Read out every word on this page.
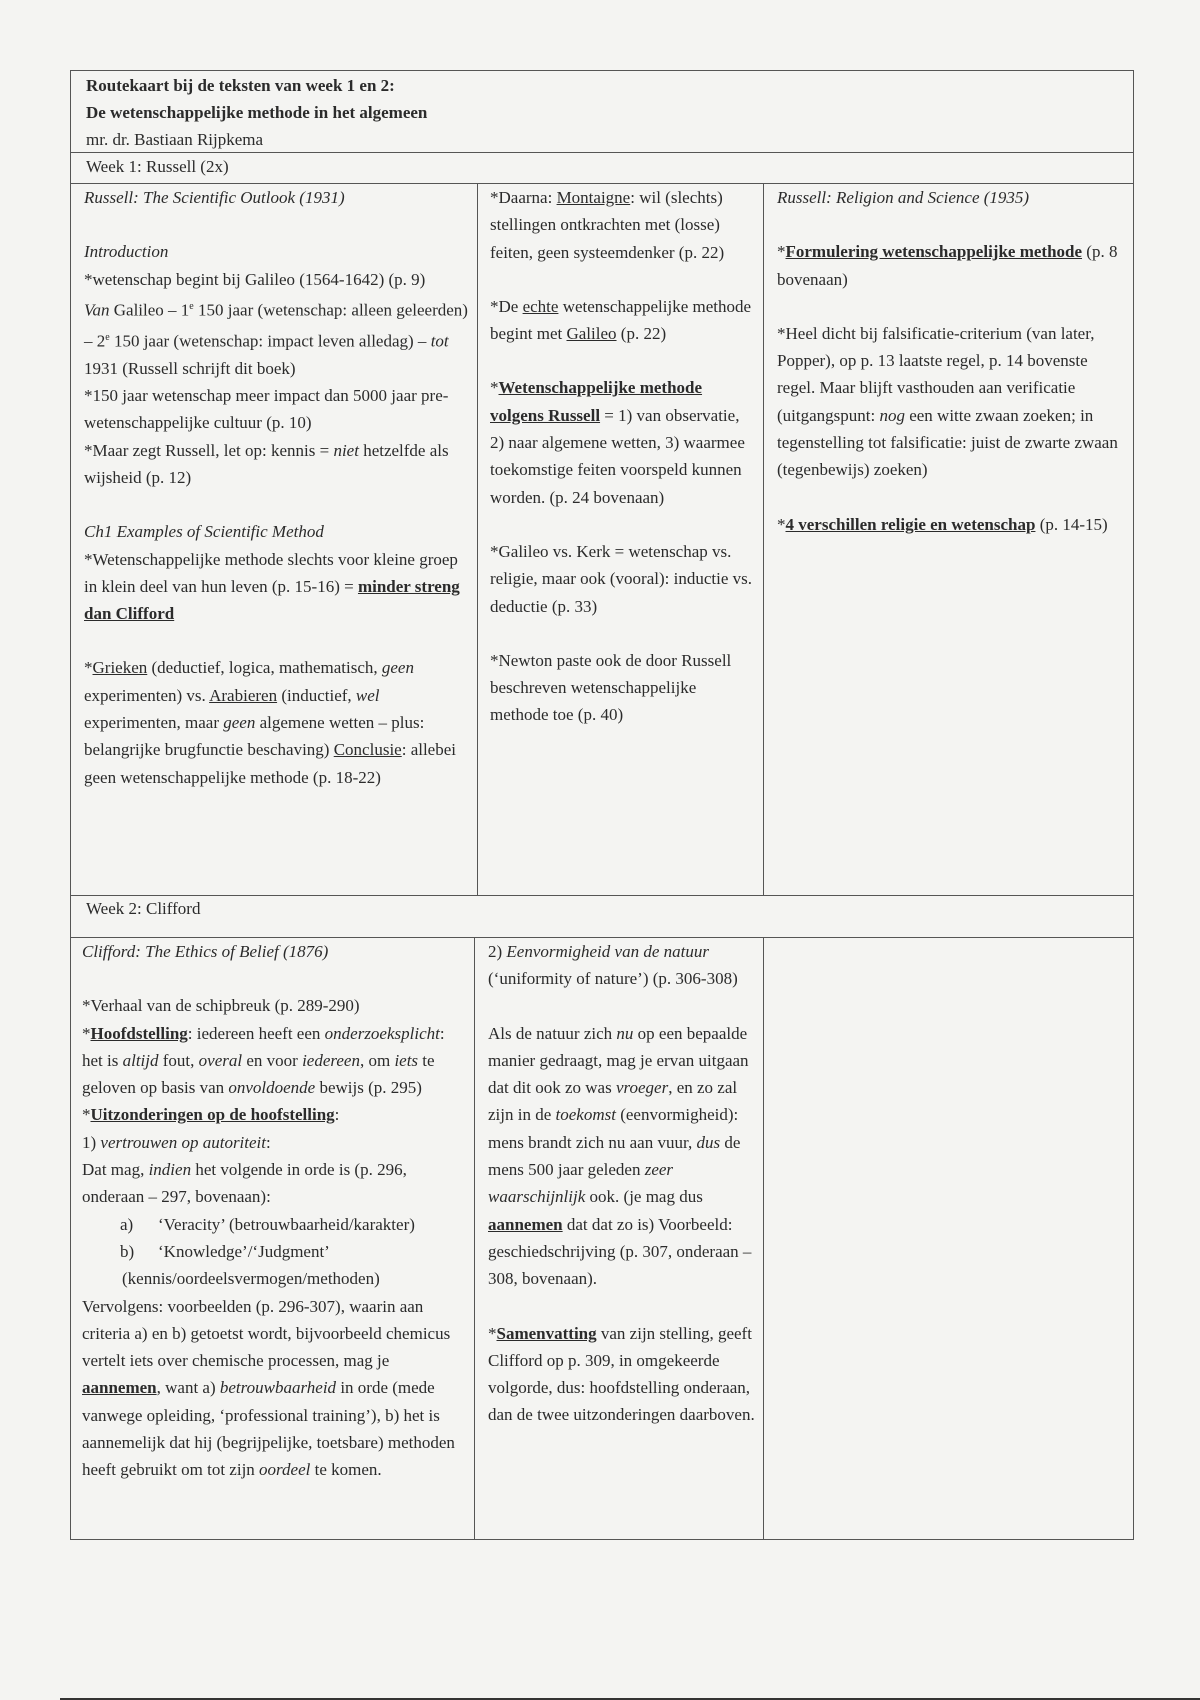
Routekaart bij de teksten van week 1 en 2:
De wetenschappelijke methode in het algemeen
mr. dr. Bastiaan Rijpkema
Week 1: Russell (2x)

Russell: The Scientific Outlook (1931)

Introduction

*wetenschap begint bij Galileo (1564-1642) (p. 9)

Van Galileo – 1e 150 jaar (wetenschap: alleen geleerden) – 2e 150 jaar (wetenschap: impact leven alledag) – tot 1931 (Russell schrijft dit boek)

*150 jaar wetenschap meer impact dan 5000 jaar pre-wetenschappelijke cultuur (p. 10)

*Maar zegt Russell, let op: kennis = niet hetzelfde als wijsheid (p. 12)

Ch1 Examples of Scientific Method

*Wetenschappelijke methode slechts voor kleine groep in klein deel van hun leven (p. 15-16) = minder streng dan Clifford

*Grieken (deductief, logica, mathematisch, geen experimenten) vs. Arabieren (inductief, wel experimenten, maar geen algemene wetten – plus: belangrijke brugfunctie beschaving) Conclusie: allebei geen wetenschappelijke methode (p. 18-22)

*Daarna: Montaigne: wil (slechts) stellingen ontkrachten met (losse) feiten, geen systeemdenker (p. 22)

*De echte wetenschappelijke methode begint met Galileo (p. 22)

*Wetenschappelijke methode volgens Russell = 1) van observatie, 2) naar algemene wetten, 3) waarmee toekomstige feiten voorspeld kunnen worden. (p. 24 bovenaan)

*Galileo vs. Kerk = wetenschap vs. religie, maar ook (vooral): inductie vs. deductie (p. 33)

*Newton paste ook de door Russell beschreven wetenschappelijke methode toe (p. 40)

Russell: Religion and Science (1935)

*Formulering wetenschappelijke methode (p. 8 bovenaan)

*Heel dicht bij falsificatie-criterium (van later, Popper), op p. 13 laatste regel, p. 14 bovenste regel. Maar blijft vasthouden aan verificatie (uitgangspunt: nog een witte zwaan zoeken; in tegenstelling tot falsificatie: juist de zwarte zwaan (tegenbewijs) zoeken)

*4 verschillen religie en wetenschap (p. 14-15)

Week 2: Clifford

Clifford: The Ethics of Belief (1876)

*Verhaal van de schipbreuk (p. 289-290)

*Hoofdstelling: iedereen heeft een onderzoeksplicht: het is altijd fout, overal en voor iedereen, om iets te geloven op basis van onvoldoende bewijs (p. 295)

*Uitzonderingen op de hoofstelling:

1) vertrouwen op autoriteit:

Dat mag, indien het volgende in orde is (p. 296, onderaan – 297, bovenaan):

a) ‘Veracity’ (betrouwbaarheid/karakter)

b) ‘Knowledge’/‘Judgment’ (kennis/oordeelsvermogen/methoden)

Vervolgens: voorbeelden (p. 296-307), waarin aan criteria a) en b) getoetst wordt, bijvoorbeeld chemicus vertelt iets over chemische processen, mag je aannemen, want a) betrouwbaarheid in orde (mede vanwege opleiding, ‘professional training’), b) het is aannemelijk dat hij (begrijpelijke, toetsbare) methoden heeft gebruikt om tot zijn oordeel te komen.

2) Eenvormigheid van de natuur (‘uniformity of nature’) (p. 306-308)

Als de natuur zich nu op een bepaalde manier gedraagt, mag je ervan uitgaan dat dit ook zo was vroeger, en zo zal zijn in de toekomst (eenvormigheid): mens brandt zich nu aan vuur, dus de mens 500 jaar geleden zeer waarschijnlijk ook. (je mag dus aannemen dat dat zo is) Voorbeeld: geschiedschrijving (p. 307, onderaan – 308, bovenaan).

*Samenvatting van zijn stelling, geeft Clifford op p. 309, in omgekeerde volgorde, dus: hoofdstelling onderaan, dan de twee uitzonderingen daarboven.
